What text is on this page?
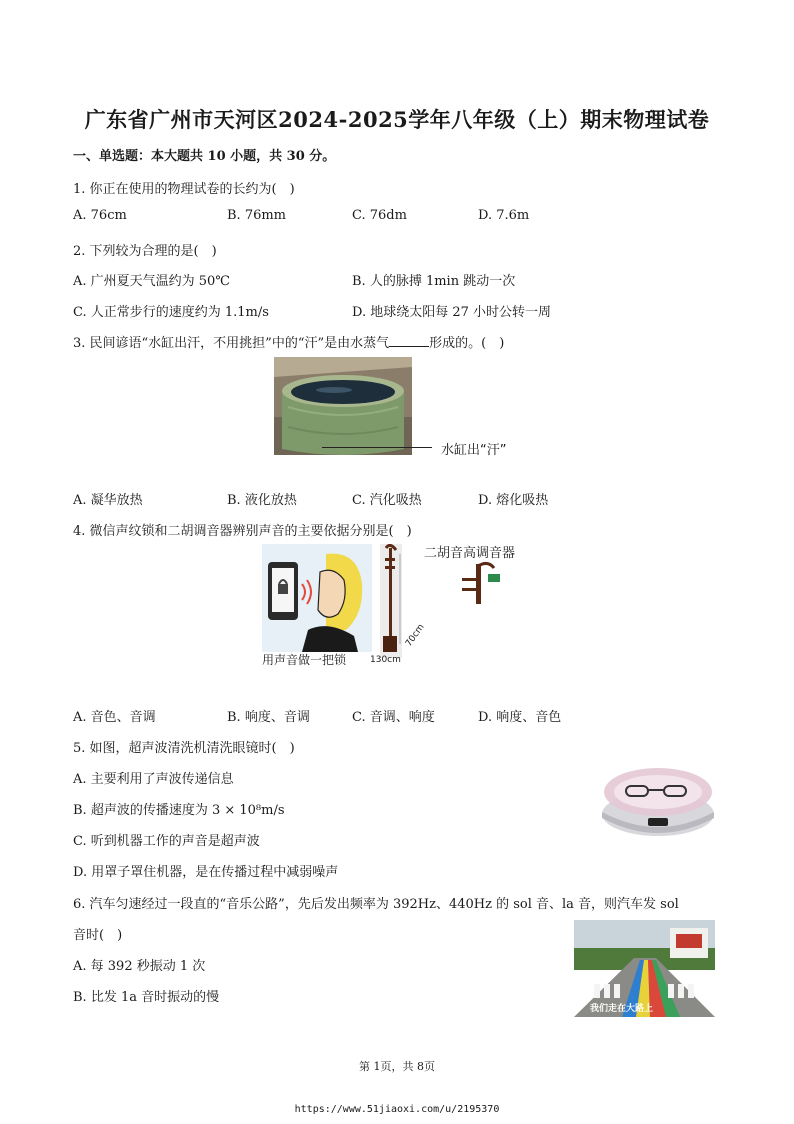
广东省广州市天河区2024-2025学年八年级（上）期末物理试卷
一、单选题：本大题共 10 小题，共 30 分。
1. 你正在使用的物理试卷的长约为(　)
A. 76cm	B. 76mm	C. 76dm	D. 7.6m
2. 下列较为合理的是(　)
A. 广州夏天气温约为 50℃	B. 人的脉搏 1min 跳动一次
C. 人正常步行的速度约为 1.1m/s	D. 地球绕太阳每 27 小时公转一周
3. 民间谚语“水缸出汗，不用挑担”中的“汗”是由水蒸气	形成的。(　)
水缸出“汗”
A. 凝华放热	B. 液化放热	C. 汽化吸热	D. 熔化吸热
4. 微信声纹锁和二胡调音器辨别声音的主要依据分别是(　)
用声音做一把锁	130cm
70cm
二胡音高调音器
A. 音色、音调	B. 响度、音调	C. 音调、响度	D. 响度、音色
5. 如图，超声波清洗机清洗眼镜时(　)
A. 主要利用了声波传递信息
B. 超声波的传播速度为 3 × 10⁸m/s
C. 听到机器工作的声音是超声波
D. 用罩子罩住机器，是在传播过程中减弱噪声
6. 汽车匀速经过一段直的“音乐公路”，先后发出频率为 392Hz、440Hz 的 sol 音、la 音，则汽车发 sol
音时(　)
A. 每 392 秒振动 1 次
B. 比发 1a 音时振动的慢
我们走在大路上
第 1页，共 8页
https://www.51jiaoxi.com/u/2195370
